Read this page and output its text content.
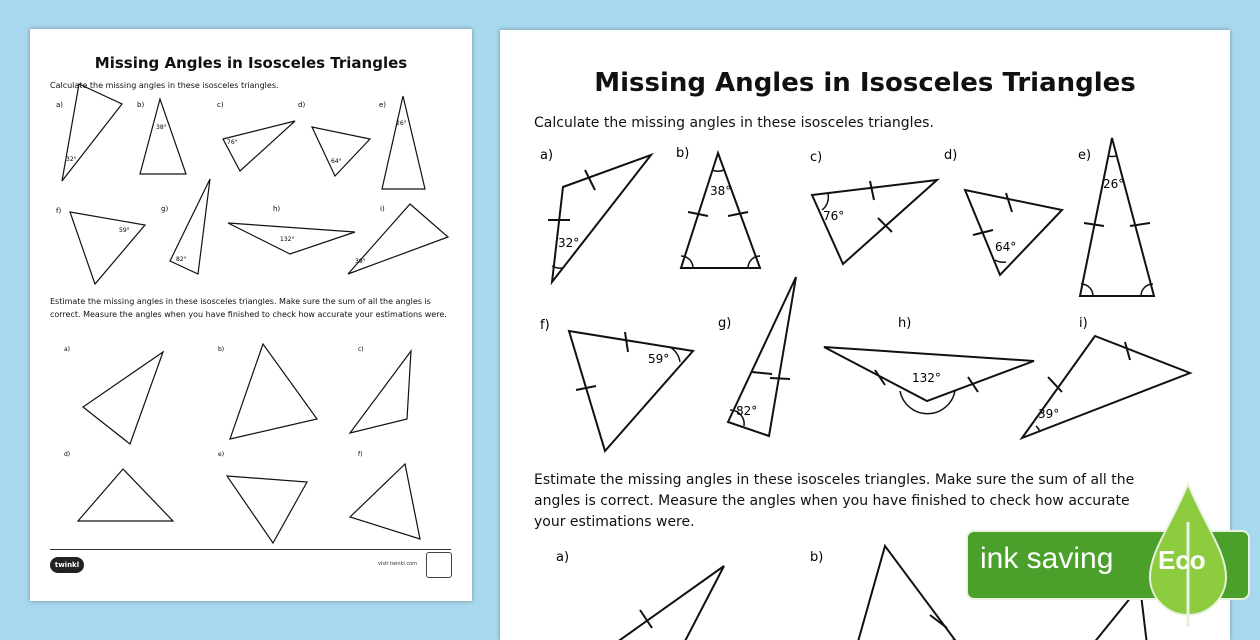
Missing Angles in Isosceles Triangles
Calculate the missing angles in these isosceles triangles.
Estimate the missing angles in these isosceles triangles. Make sure the sum of all the angles is correct. Measure the angles when you have finished to check how accurate your estimations were.
a)	b)	c)	d)	e)
f)	g)	h)	i)
a)	b)	c)
d)	e)	f)
32°
38°
76°
64°
26°
59°
82°
132°
39°
twinkl	visit twinkl.com
Missing Angles in Isosceles Triangles
Calculate the missing angles in these isosceles triangles.
a)	b)	c)	d)	e)
f)	g)	h)	i)
32°
38°
76°
64°
26°
59°
82°
132°
39°
Estimate the missing angles in these isosceles triangles. Make sure the sum of all the angles is correct. Measure the angles when you have finished to check how accurate your estimations were.
a)	b)	ink saving Eco
